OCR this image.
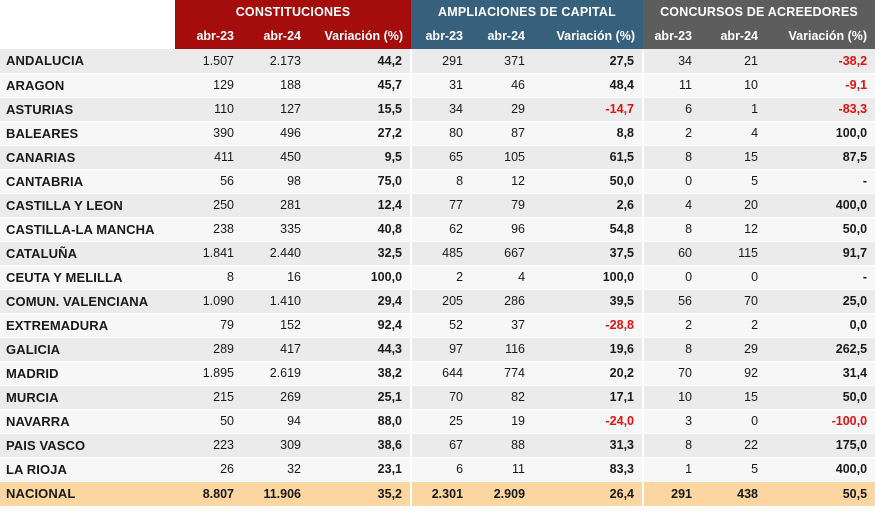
	CONSTITUCIONES			AMPLIACIONES DE CAPITAL			CONCURSOS DE ACREEDORES		
CC.AA.	abr-23	abr-24	Variación (%)	abr-23	abr-24	Variación (%)	abr-23	abr-24	Variación (%)
ANDALUCIA	1.507	2.173	44,2	291	371	27,5	34	21	-38,2
ARAGON	129	188	45,7	31	46	48,4	11	10	-9,1
ASTURIAS	110	127	15,5	34	29	-14,7	6	1	-83,3
BALEARES	390	496	27,2	80	87	8,8	2	4	100,0
CANARIAS	411	450	9,5	65	105	61,5	8	15	87,5
CANTABRIA	56	98	75,0	8	12	50,0	0	5	-
CASTILLA Y LEON	250	281	12,4	77	79	2,6	4	20	400,0
CASTILLA-LA MANCHA	238	335	40,8	62	96	54,8	8	12	50,0
CATALUÑA	1.841	2.440	32,5	485	667	37,5	60	115	91,7
CEUTA Y MELILLA	8	16	100,0	2	4	100,0	0	0	-
COMUN. VALENCIANA	1.090	1.410	29,4	205	286	39,5	56	70	25,0
EXTREMADURA	79	152	92,4	52	37	-28,8	2	2	0,0
GALICIA	289	417	44,3	97	116	19,6	8	29	262,5
MADRID	1.895	2.619	38,2	644	774	20,2	70	92	31,4
MURCIA	215	269	25,1	70	82	17,1	10	15	50,0
NAVARRA	50	94	88,0	25	19	-24,0	3	0	-100,0
PAIS VASCO	223	309	38,6	67	88	31,3	8	22	175,0
LA RIOJA	26	32	23,1	6	11	83,3	1	5	400,0
NACIONAL	8.807	11.906	35,2	2.301	2.909	26,4	291	438	50,5
